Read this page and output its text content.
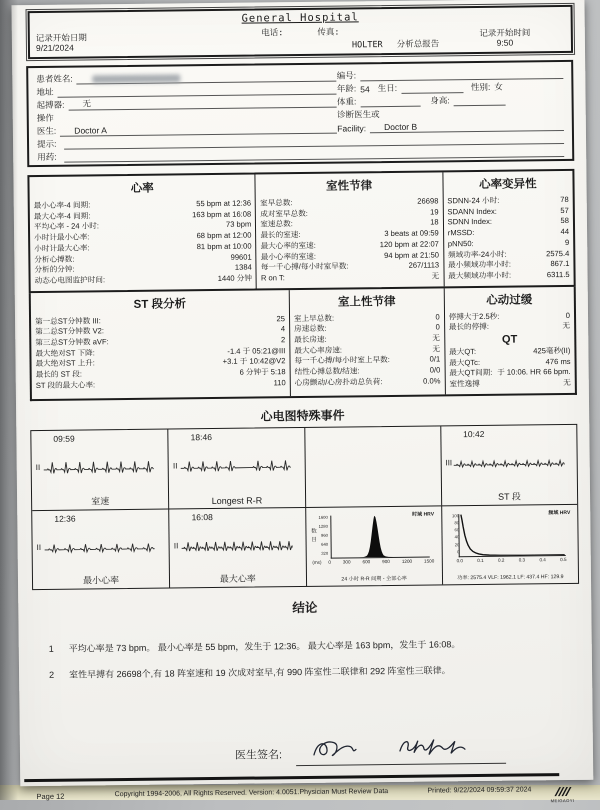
记录开始日期
9/21/2024
General Hospital
电话:	传真:
HOLTER 分析总报告
记录开始时间
9:50
患者姓名:
地址
起搏器:	无
操作
医生:	Doctor A
编号:
年龄: 54 生日:	性别: 女
体重:	身高:
诊断医生或
Facility:	Doctor B
提示:
用药:
心率
最小心率-4 间期:	55 bpm at 12:36
最大心率-4 间期:	163 bpm at 16:08
平均心率 - 24 小时:	73 bpm
小时计最小心率:	68 bpm at 12:00
小时计最大心率:	81 bpm at 10:00
分析心搏数:	99601
分析的分钟:	1384
动态心电图监护时间:	1440 分钟
室性节律
室早总数:	26698
成对室早总数:	19
室速总数:	18
最长的室速:	3 beats at 09:59
最大心率的室速:	120 bpm at 22:07
最小心率的室速:	94 bpm at 21:50
每一千心搏/每小时室早数:	267/1113
R on T:	无
心率变异性
SDNN-24 小时:	78
SDANN Index:	57
SDNN Index:	58
rMSSD:	44
pNN50:	9
频域功率-24小时:	2575.4
最小频域功率小时:	867.1
最大频域功率小时:	6311.5
ST 段分析
第一总ST分钟数 III:	25
第二总ST分钟数 V2:	4
第三总ST分钟数 aVF:	2
最大绝对ST 下降:	-1.4 于 05:21@III
最大绝对ST 上升:	+3.1 于 10:42@V2
最长的 ST 段:	6 分钟于 5:18
ST 段的最大心率:	110
室上性节律
室上早总数:	0
房速总数:	0
最长房速:	无
最大心率房速:	无
每一千心搏/每小时室上早数:	0/1
结性心搏总数/结速:	0/0
心房颤动/心房扑动总负荷:	0.0%
心动过缓
停搏大于2.5秒:	0
最长的停搏:	无
QT
最大QT:	425毫秒(II)
最大QTc:	476 ms
最大QT间期: 于 10:06. HR 66 bpm.
室性逸搏	无
心电图特殊事件
09:59
II
室速
18:46
II
Longest R-R
10:42
III
ST 段
12:36
II
最小心率
16:08
II
最大心率
时域 HRV
数目
1600
1280
960
640
320
(ms)	0	300	600	900	1200	1500
24 小时 R-R 间期 - 全部心率
频域 HRV
100
80
60
40
20
0
0.0	0.1	0.2	0.3	0.4	0.5
功率: 2575.4 VLF: 1962.1 LF: 437.4 HF: 129.9
结论
1	平均心率是 73 bpm。 最小心率是 55 bpm，发生于 12:36。 最大心率是 163 bpm，发生于 16:08。
2	室性早搏有 26698个,有 18 阵室速和 19 次成对室早,有 990 阵室性二联律和 292 阵室性三联律。
医生签名:
Page 12	Copyright 1994-2006, All Rights Reserved. Version: 4.0051.Physician Must Review Data	Printed: 9/22/2024 09:59:37 2024
MEIGAOYI
